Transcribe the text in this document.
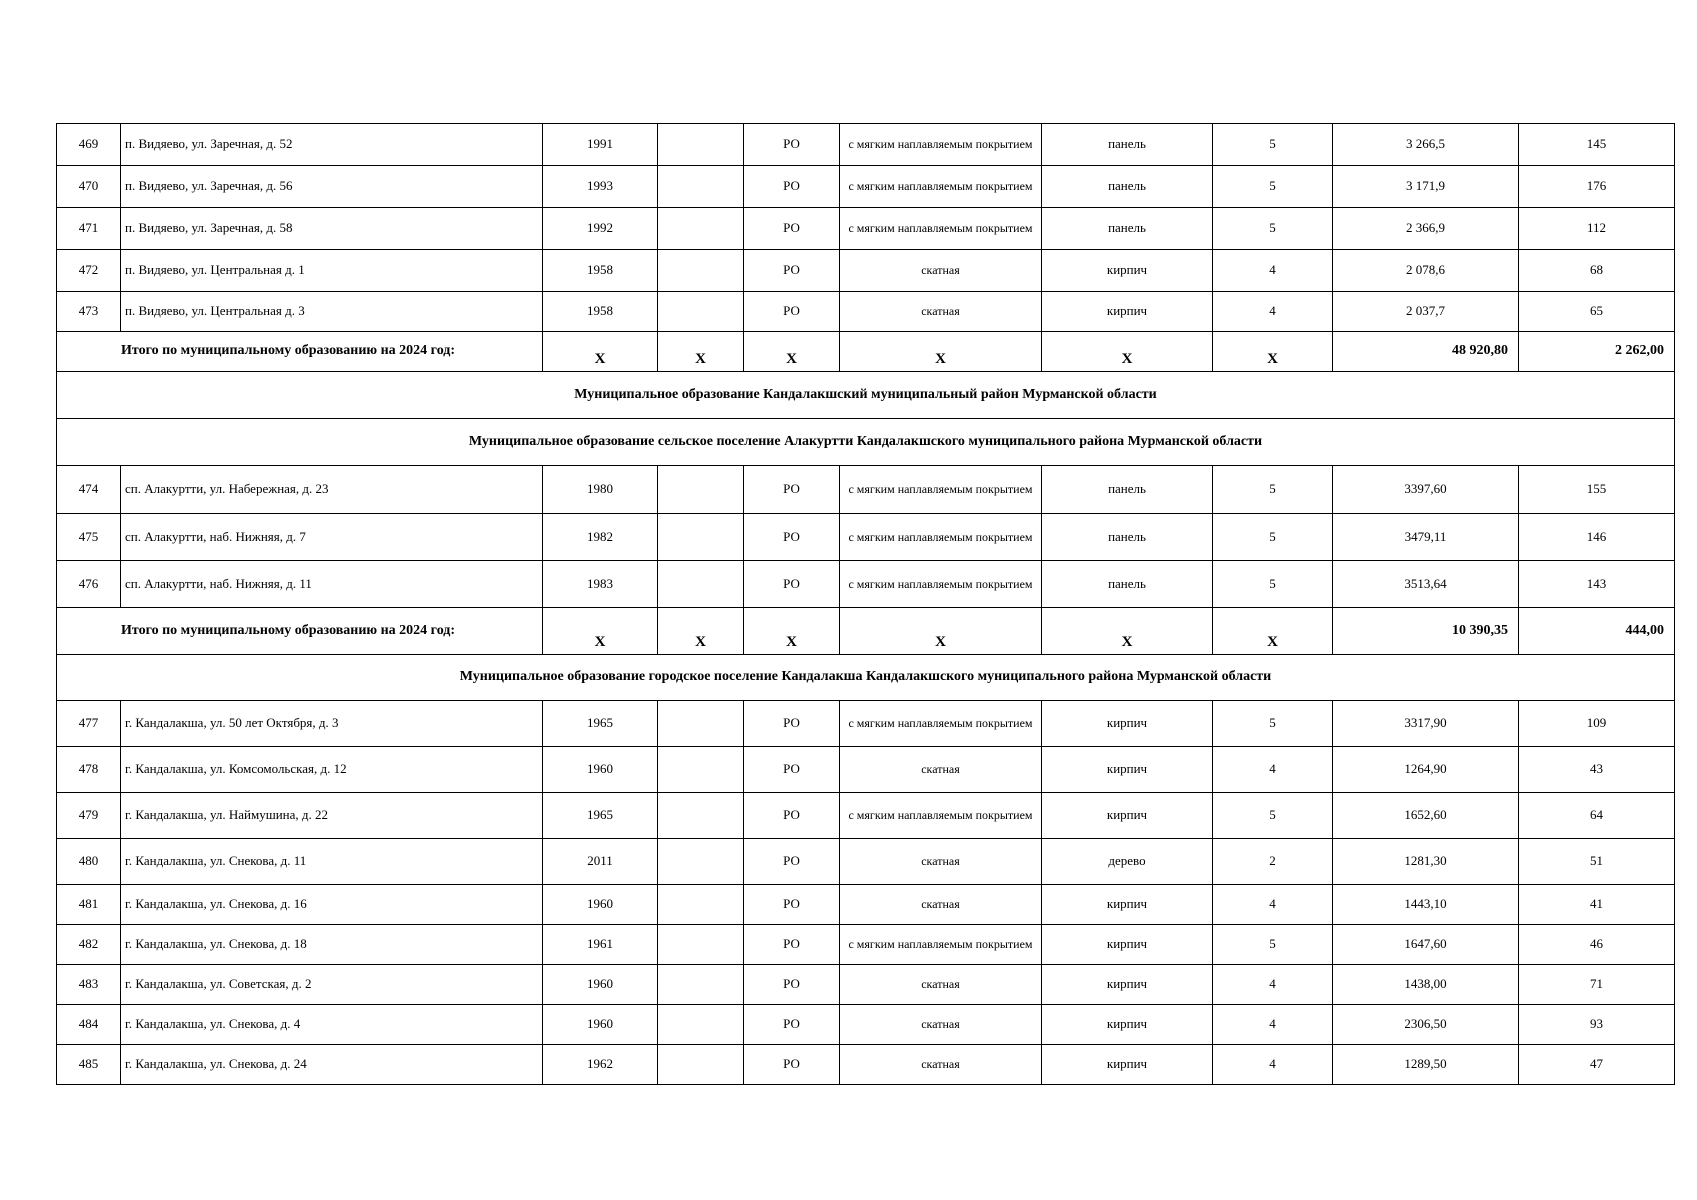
469	п. Видяево, ул. Заречная, д. 52	1991		РО	с мягким наплавляемым покрытием	панель	5	3 266,5	145
470	п. Видяево, ул. Заречная, д. 56	1993		РО	с мягким наплавляемым покрытием	панель	5	3 171,9	176
471	п. Видяево, ул. Заречная, д. 58	1992		РО	с мягким наплавляемым покрытием	панель	5	2 366,9	112
472	п. Видяево, ул. Центральная д. 1	1958		РО	скатная	кирпич	4	2 078,6	68
473	п. Видяево, ул. Центральная д. 3	1958		РО	скатная	кирпич	4	2 037,7	65
Итого по муниципальному образованию на 2024 год:		X	X	X	X	X	X	48 920,80	2 262,00
Муниципальное образование Кандалакшский муниципальный район Мурманской области									
Муниципальное образование сельское поселение Алакуртти Кандалакшского муниципального района Мурманской области									
474	сп. Алакуртти, ул. Набережная, д. 23	1980		РО	с мягким наплавляемым покрытием	панель	5	3397,60	155
475	сп. Алакуртти, наб. Нижняя, д. 7	1982		РО	с мягким наплавляемым покрытием	панель	5	3479,11	146
476	сп. Алакуртти, наб. Нижняя, д. 11	1983		РО	с мягким наплавляемым покрытием	панель	5	3513,64	143
Итого по муниципальному образованию на 2024 год:		X	X	X	X	X	X	10 390,35	444,00
Муниципальное образование городское поселение Кандалакша Кандалакшского муниципального района Мурманской области									
477	г. Кандалакша, ул. 50 лет Октября, д. 3	1965		РО	с мягким наплавляемым покрытием	кирпич	5	3317,90	109
478	г. Кандалакша, ул. Комсомольская, д. 12	1960		РО	скатная	кирпич	4	1264,90	43
479	г. Кандалакша, ул. Наймушина, д. 22	1965		РО	с мягким наплавляемым покрытием	кирпич	5	1652,60	64
480	г. Кандалакша, ул. Снекова, д. 11	2011		РО	скатная	дерево	2	1281,30	51
481	г. Кандалакша, ул. Снекова, д. 16	1960		РО	скатная	кирпич	4	1443,10	41
482	г. Кандалакша, ул. Снекова, д. 18	1961		РО	с мягким наплавляемым покрытием	кирпич	5	1647,60	46
483	г. Кандалакша, ул. Советская, д. 2	1960		РО	скатная	кирпич	4	1438,00	71
484	г. Кандалакша, ул. Снекова, д. 4	1960		РО	скатная	кирпич	4	2306,50	93
485	г. Кандалакша, ул. Снекова, д. 24	1962		РО	скатная	кирпич	4	1289,50	47
